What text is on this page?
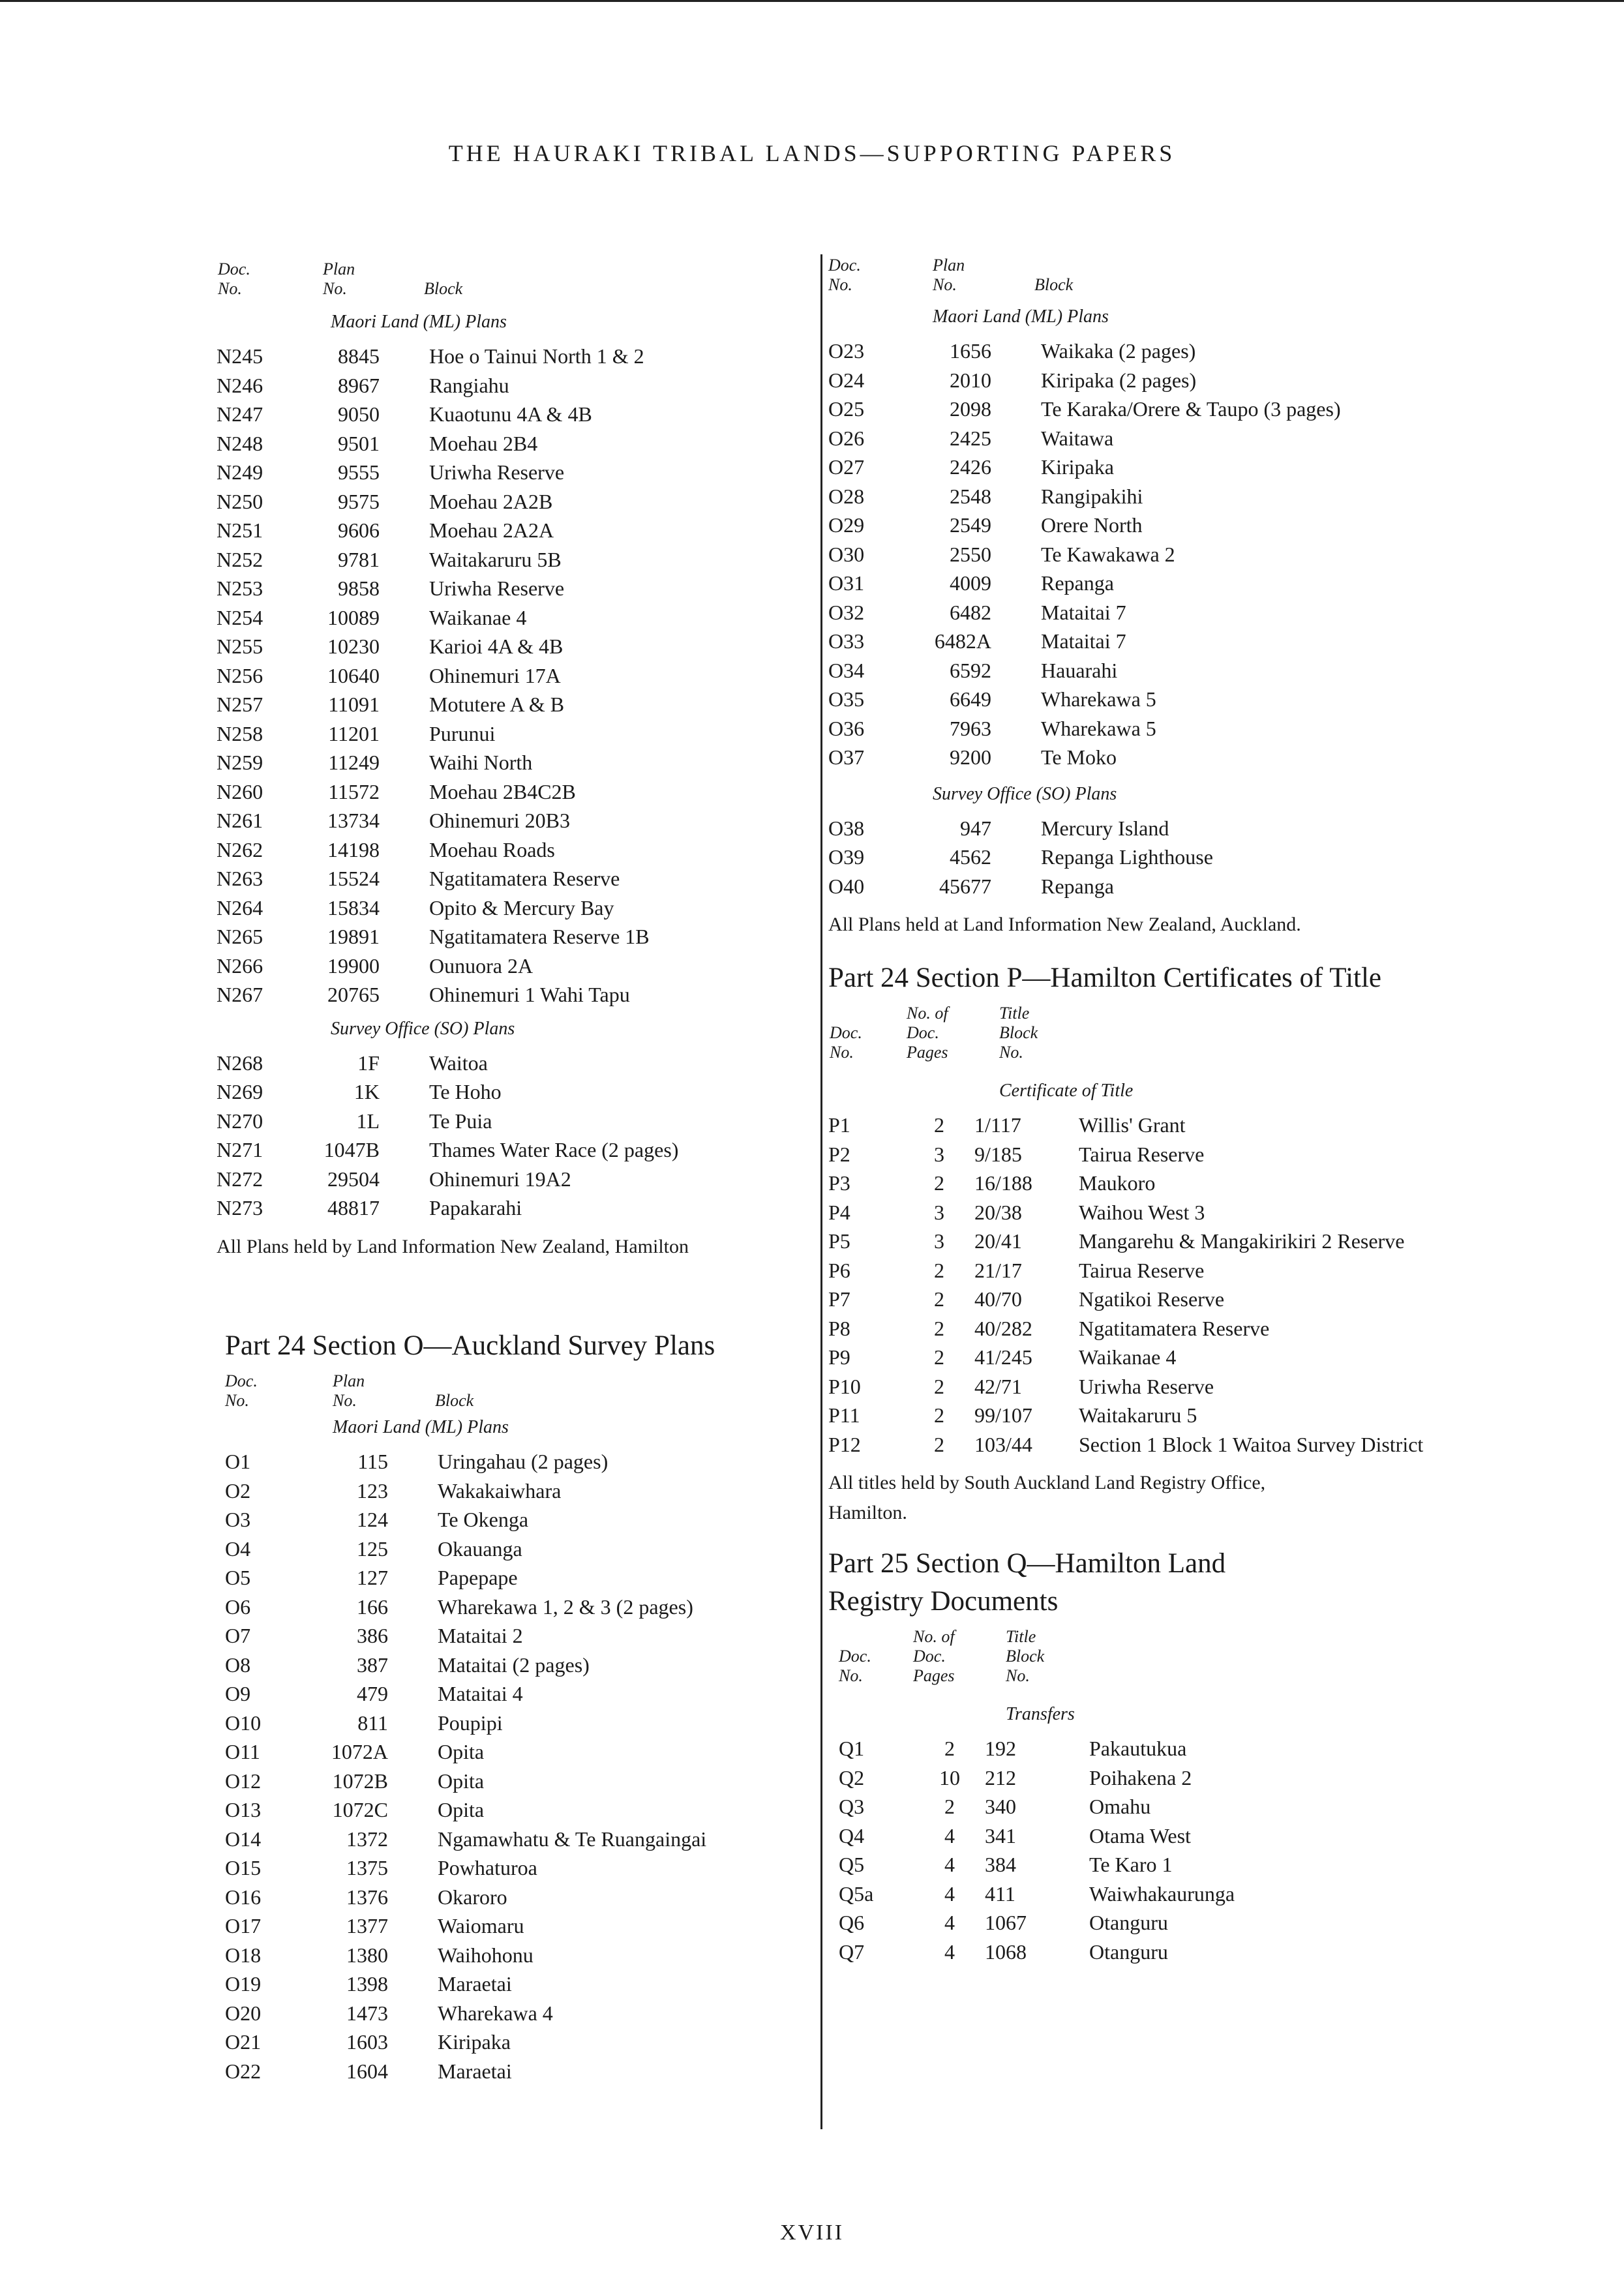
THE HAURAKI TRIBAL LANDS—SUPPORTING PAPERS
Doc. No.
Plan No.	Block
Maori Land (ML) Plans
N245	8845	Hoe o Tainui North 1 & 2
N246	8967	Rangiahu
N247	9050	Kuaotunu 4A & 4B
N248	9501	Moehau 2B4
N249	9555	Uriwha Reserve
N250	9575	Moehau 2A2B
N251	9606	Moehau 2A2A
N252	9781	Waitakaruru 5B
N253	9858	Uriwha Reserve
N254	10089	Waikanae 4
N255	10230	Karioi 4A & 4B
N256	10640	Ohinemuri 17A
N257	11091	Motutere A & B
N258	11201	Purunui
N259	11249	Waihi North
N260	11572	Moehau 2B4C2B
N261	13734	Ohinemuri 20B3
N262	14198	Moehau Roads
N263	15524	Ngatitamatera Reserve
N264	15834	Opito & Mercury Bay
N265	19891	Ngatitamatera Reserve 1B
N266	19900	Ounuora 2A
N267	20765	Ohinemuri 1 Wahi Tapu
Survey Office (SO) Plans
N268	1F	Waitoa
N269	1K	Te Hoho
N270	1L	Te Puia
N271	1047B	Thames Water Race (2 pages)
N272	29504	Ohinemuri 19A2
N273	48817	Papakarahi
All Plans held by Land Information New Zealand, Hamilton
Part 24 Section O—Auckland Survey Plans
Doc. No.
Plan No.	Block
Maori Land (ML) Plans
O1	115	Uringahau (2 pages)
O2	123	Wakakaiwhara
O3	124	Te Okenga
O4	125	Okauanga
O5	127	Papepape
O6	166	Wharekawa 1, 2 & 3 (2 pages)
O7	386	Mataitai 2
O8	387	Mataitai (2 pages)
O9	479	Mataitai 4
O10	811	Poupipi
O11	1072A	Opita
O12	1072B	Opita
O13	1072C	Opita
O14	1372	Ngamawhatu & Te Ruangaingai
O15	1375	Powhaturoa
O16	1376	Okaroro
O17	1377	Waiomaru
O18	1380	Waihohonu
O19	1398	Maraetai
O20	1473	Wharekawa 4
O21	1603	Kiripaka
O22	1604	Maraetai
Doc. No.
Plan No.	Block
Maori Land (ML) Plans
O23	1656	Waikaka (2 pages)
O24	2010	Kiripaka (2 pages)
O25	2098	Te Karaka/Orere & Taupo (3 pages)
O26	2425	Waitawa
O27	2426	Kiripaka
O28	2548	Rangipakihi
O29	2549	Orere North
O30	2550	Te Kawakawa 2
O31	4009	Repanga
O32	6482	Mataitai 7
O33	6482A	Mataitai 7
O34	6592	Hauarahi
O35	6649	Wharekawa 5
O36	7963	Wharekawa 5
O37	9200	Te Moko
Survey Office (SO) Plans
O38	947	Mercury Island
O39	4562	Repanga Lighthouse
O40	45677	Repanga
All Plans held at Land Information New Zealand, Auckland.
Part 24 Section P—Hamilton Certificates of Title
Doc. No.
No. of Doc. Pages
Title Block No.
Certificate of Title
P1	2	1/117	Willis' Grant
P2	3	9/185	Tairua Reserve
P3	2	16/188	Maukoro
P4	3	20/38	Waihou West 3
P5	3	20/41	Mangarehu & Mangakirikiri 2 Reserve
P6	2	21/17	Tairua Reserve
P7	2	40/70	Ngatikoi Reserve
P8	2	40/282	Ngatitamatera Reserve
P9	2	41/245	Waikanae 4
P10	2	42/71	Uriwha Reserve
P11	2	99/107	Waitakaruru 5
P12	2	103/44	Section 1 Block 1 Waitoa Survey District
All titles held by South Auckland Land Registry Office, Hamilton.
Part 25 Section Q—Hamilton Land Registry Documents
Doc. No.
No. of Doc. Pages
Title Block No.
Transfers
Q1	2	192	Pakautukua
Q2	10	212	Poihakena 2
Q3	2	340	Omahu
Q4	4	341	Otama West
Q5	4	384	Te Karo 1
Q5a	4	411	Waiwhakaurunga
Q6	4	1067	Otanguru
Q7	4	1068	Otanguru
XVIII
